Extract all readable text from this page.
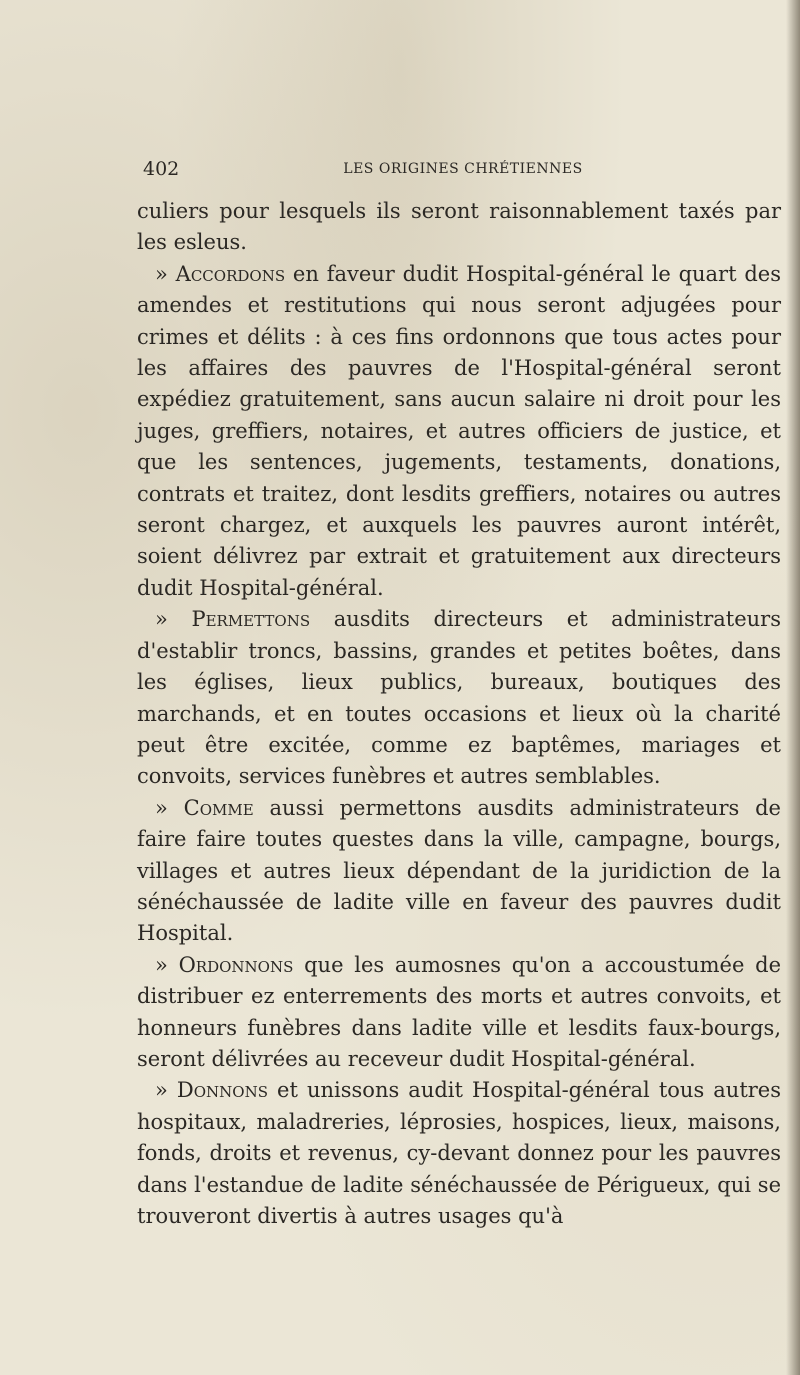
402	LES ORIGINES CHRÉTIENNES

culiers pour lesquels ils seront raisonnablement taxés par les esleus.

» Accordons en faveur dudit Hospital-général le quart des amendes et restitutions qui nous seront adjugées pour crimes et délits : à ces fins ordonnons que tous actes pour les affaires des pauvres de l'Hospital-général seront expédiez gratuitement, sans aucun salaire ni droit pour les juges, greffiers, notaires, et autres officiers de justice, et que les sentences, jugements, testaments, donations, contrats et traitez, dont lesdits greffiers, notaires ou autres seront chargez, et auxquels les pauvres auront intérêt, soient délivrez par extrait et gratuitement aux directeurs dudit Hospital-général.

» Permettons ausdits directeurs et administrateurs d'establir troncs, bassins, grandes et petites boêtes, dans les églises, lieux publics, bureaux, boutiques des marchands, et en toutes occasions et lieux où la charité peut être excitée, comme ez baptêmes, mariages et convoits, services funèbres et autres semblables.

» Comme aussi permettons ausdits administrateurs de faire faire toutes questes dans la ville, campagne, bourgs, villages et autres lieux dépendant de la juridiction de la sénéchaussée de ladite ville en faveur des pauvres dudit Hospital.

» Ordonnons que les aumosnes qu'on a accoustumée de distribuer ez enterrements des morts et autres convoits, et honneurs funèbres dans ladite ville et lesdits faux-bourgs, seront délivrées au receveur dudit Hospital-général.

» Donnons et unissons audit Hospital-général tous autres hospitaux, maladreries, léprosies, hospices, lieux, maisons, fonds, droits et revenus, cy-devant donnez pour les pauvres dans l'estandue de ladite sénéchaussée de Périgueux, qui se trouveront divertis à autres usages qu'à
